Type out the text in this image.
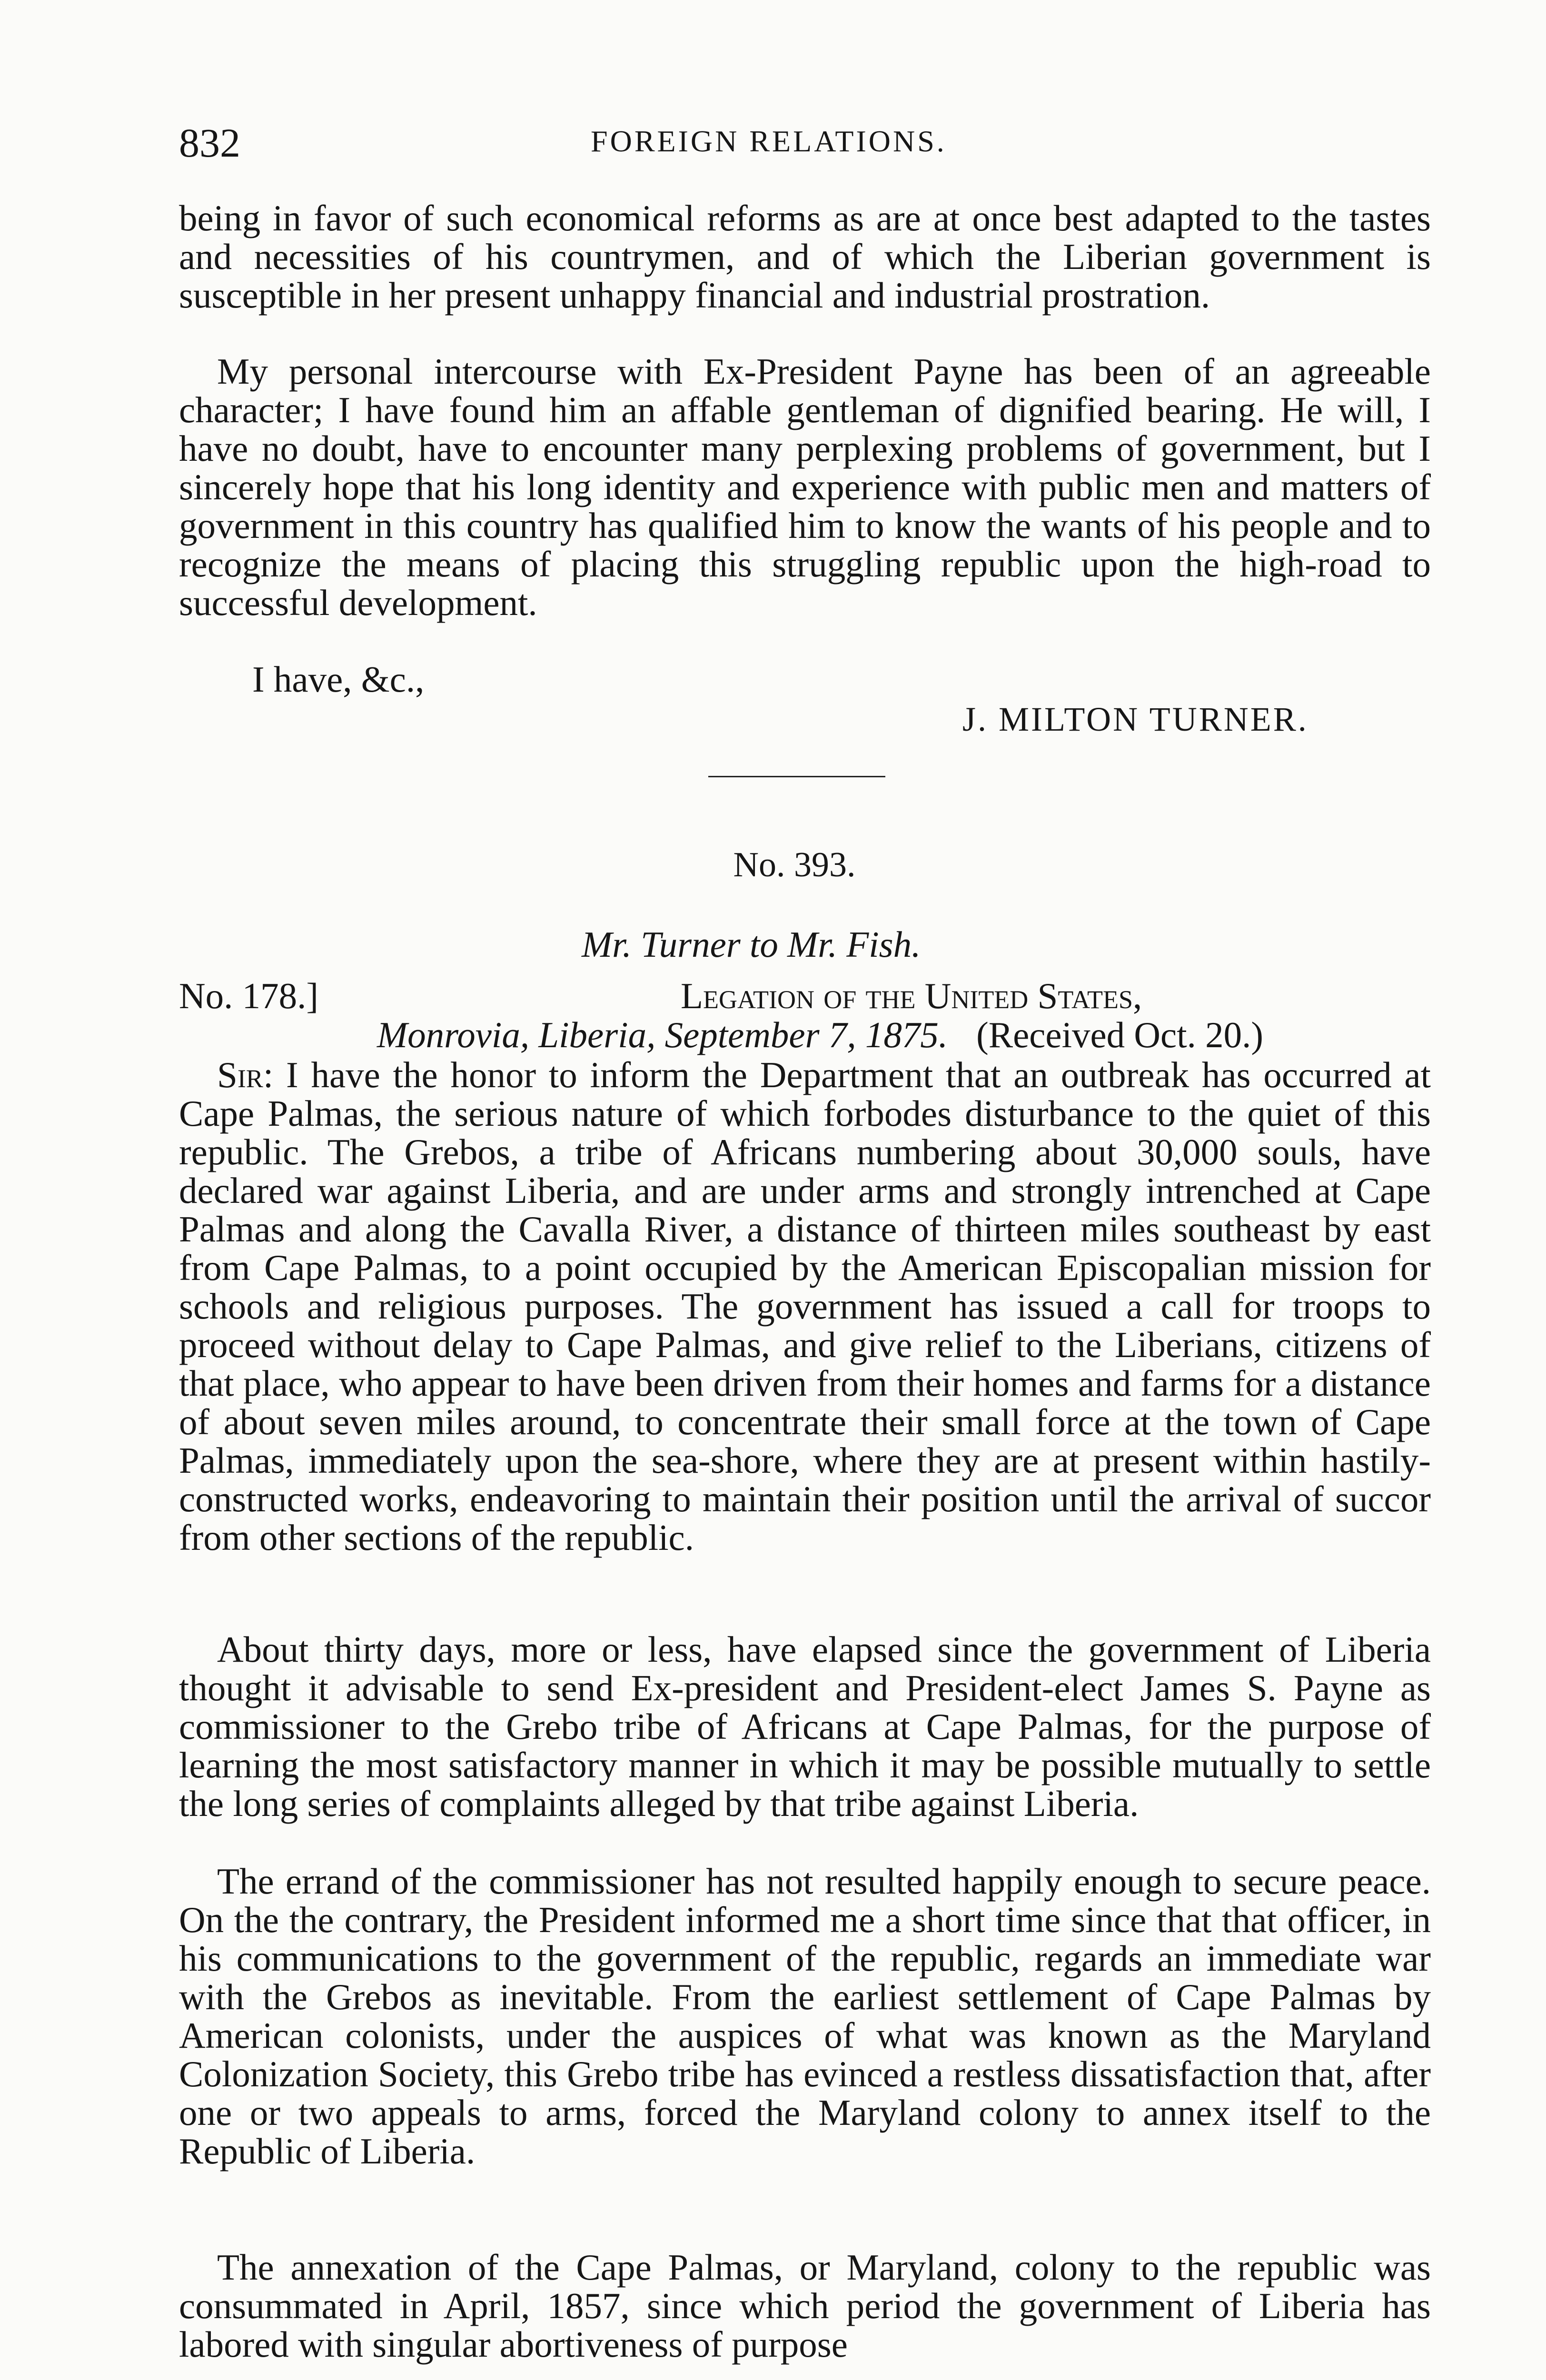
832	FOREIGN RELATIONS.

being in favor of such economical reforms as are at once best adapted to the tastes and necessities of his countrymen, and of which the Liberian government is susceptible in her present unhappy financial and industrial prostration.

My personal intercourse with Ex-President Payne has been of an agreeable character; I have found him an affable gentleman of dignified bearing. He will, I have no doubt, have to encounter many perplexing problems of government, but I sincerely hope that his long identity and experience with public men and matters of government in this country has qualified him to know the wants of his people and to recognize the means of placing this struggling republic upon the high-road to successful development.

I have, &c.,
J. MILTON TURNER.
No. 393.
Mr. Turner to Mr. Fish.
No. 178.]	Legation of the United States,
Monrovia, Liberia, September 7, 1875. (Received Oct. 20.)

Sir: I have the honor to inform the Department that an outbreak has occurred at Cape Palmas, the serious nature of which forbodes disturbance to the quiet of this republic. The Grebos, a tribe of Africans numbering about 30,000 souls, have declared war against Liberia, and are under arms and strongly intrenched at Cape Palmas and along the Cavalla River, a distance of thirteen miles southeast by east from Cape Palmas, to a point occupied by the American Episcopalian mission for schools and religious purposes. The government has issued a call for troops to proceed without delay to Cape Palmas, and give relief to the Liberians, citizens of that place, who appear to have been driven from their homes and farms for a distance of about seven miles around, to concentrate their small force at the town of Cape Palmas, immediately upon the sea-shore, where they are at present within hastily-constructed works, endeavoring to maintain their position until the arrival of succor from other sections of the republic.

About thirty days, more or less, have elapsed since the government of Liberia thought it advisable to send Ex-president and President-elect James S. Payne as commissioner to the Grebo tribe of Africans at Cape Palmas, for the purpose of learning the most satisfactory manner in which it may be possible mutually to settle the long series of complaints alleged by that tribe against Liberia.

The errand of the commissioner has not resulted happily enough to secure peace. On the the contrary, the President informed me a short time since that that officer, in his communications to the government of the republic, regards an immediate war with the Grebos as inevitable. From the earliest settlement of Cape Palmas by American colonists, under the auspices of what was known as the Maryland Colonization Society, this Grebo tribe has evinced a restless dissatisfaction that, after one or two appeals to arms, forced the Maryland colony to annex itself to the Republic of Liberia.

The annexation of the Cape Palmas, or Maryland, colony to the republic was consummated in April, 1857, since which period the government of Liberia has labored with singular abortiveness of purpose
